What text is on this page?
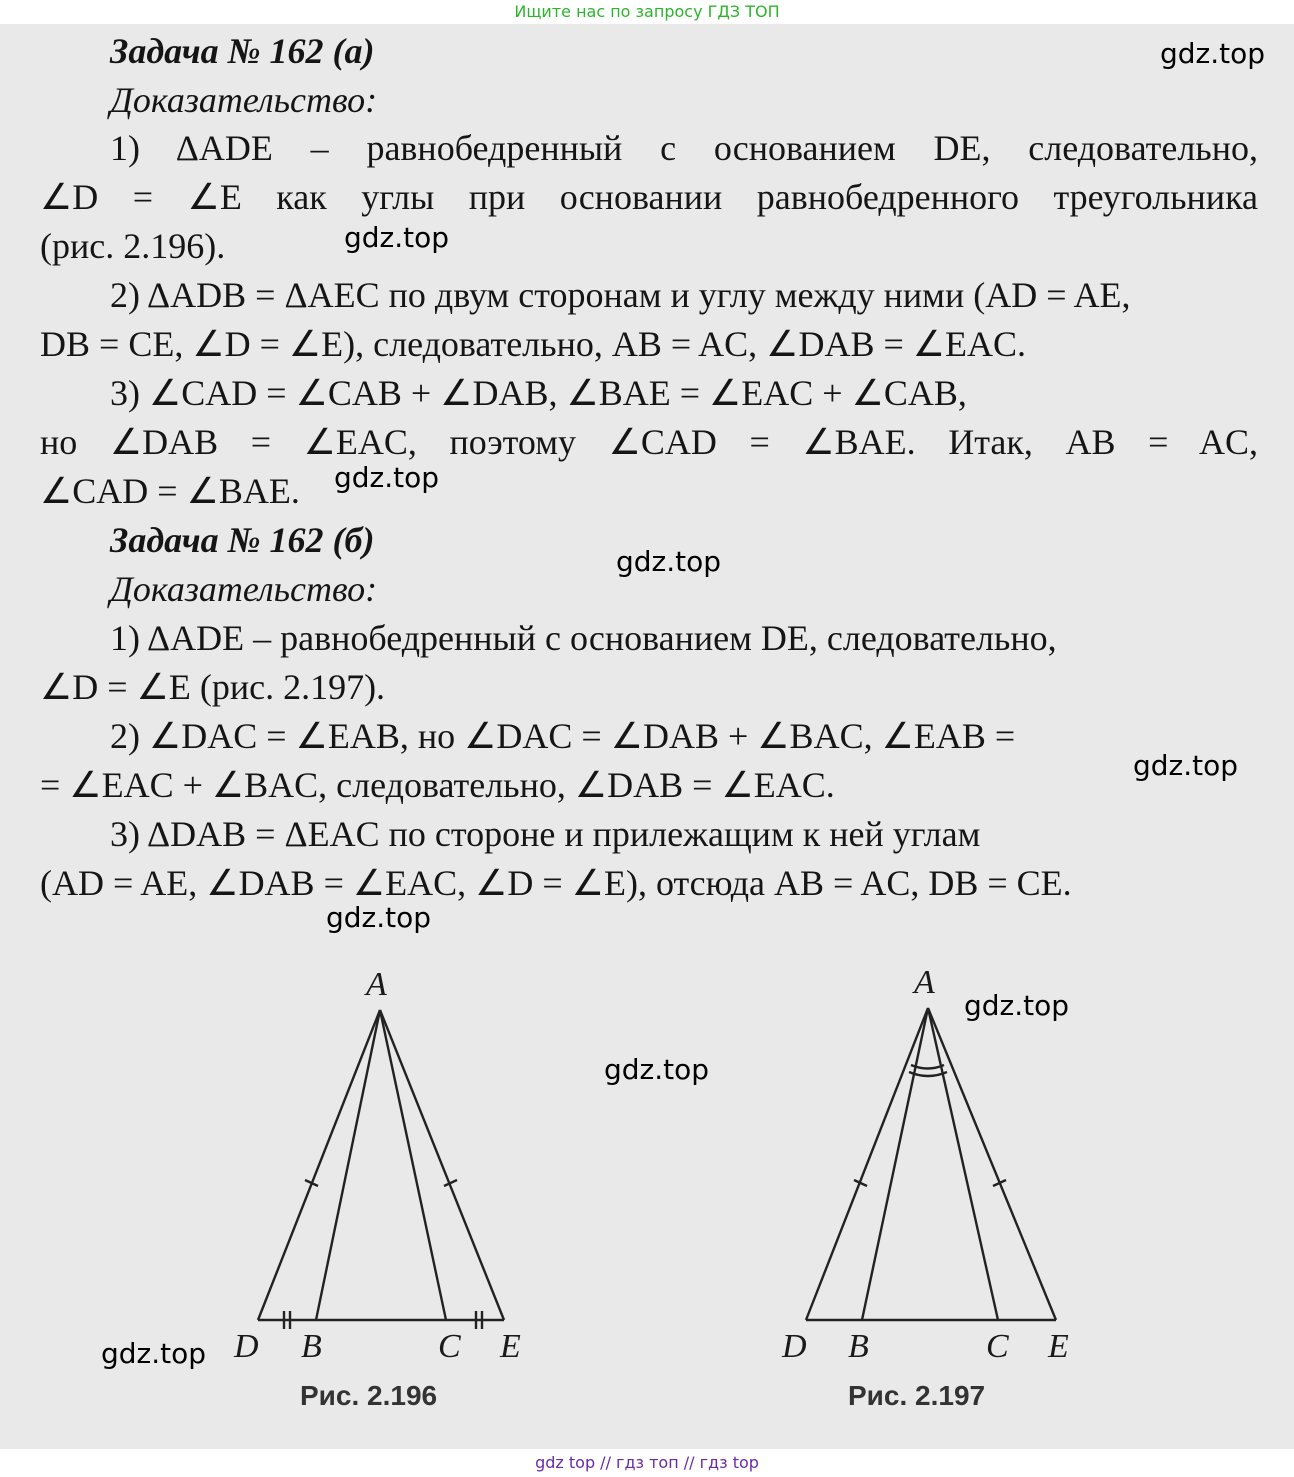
Ищите нас по запросу ГДЗ ТОП
Задача № 162 (а)
Доказательство:
1) ΔADE – равнобедренный с основанием DE, следовательно,
∠D = ∠E как углы при основании равнобедренного треугольника
(рис. 2.196).
2) ΔADB = ΔAEC по двум сторонам и углу между ними (AD = AE,
DB = CE, ∠D = ∠E), следовательно, AB = AC, ∠DAB = ∠EAC.
3) ∠CAD = ∠CAB + ∠DAB, ∠BAE = ∠EAC + ∠CAB,
но ∠DAB = ∠EAC, поэтому ∠CAD = ∠BAE. Итак, AB = AC,
∠CAD = ∠BAE.
Задача № 162 (б)
Доказательство:
1) ΔADE – равнобедренный с основанием DE, следовательно,
∠D = ∠E (рис. 2.197).
2) ∠DAC = ∠EAB, но ∠DAC = ∠DAB + ∠BAC, ∠EAB =
= ∠EAC + ∠BAC, следовательно, ∠DAB = ∠EAC.
3) ΔDAB = ΔEAC по стороне и прилежащим к ней углам
(AD = AE, ∠DAB = ∠EAC, ∠D = ∠E), отсюда AB = AC, DB = CE.
A
D B	C E
Рис. 2.196
A
D B	C E
Рис. 2.197
gdz.top
gdz.top
gdz.top
gdz.top
gdz.top
gdz.top
gdz.top
gdz.top
gdz.top
gdz top // гдз топ // гдз top
